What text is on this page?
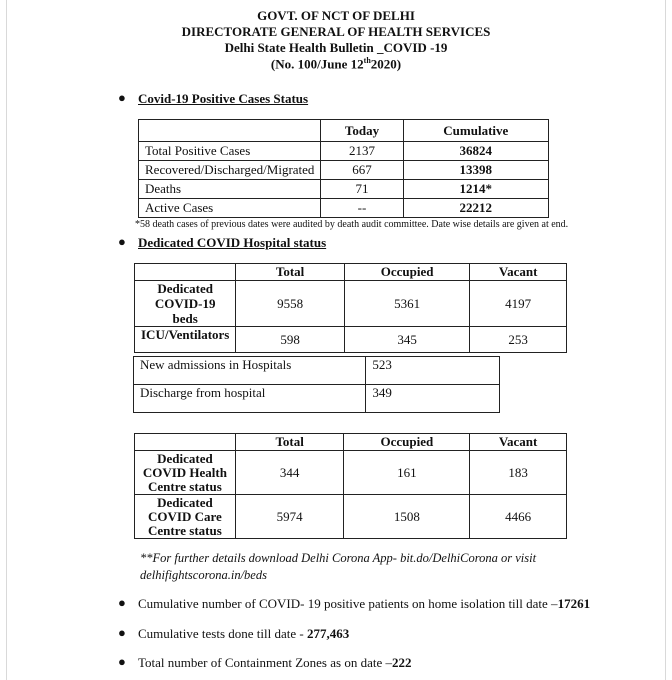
GOVT. OF NCT OF DELHI
DIRECTORATE GENERAL OF HEALTH SERVICES
Delhi State Health Bulletin _COVID -19
(No. 100/June 12th2020)
● Covid-19 Positive Cases Status
	Today	Cumulative
Total Positive Cases	2137	36824
Recovered/Discharged/Migrated	667	13398
Deaths	71	1214*
Active Cases	--	22212
*58 death cases of previous dates were audited by death audit committee. Date wise details are given at end.
● Dedicated COVID Hospital status
	Total	Occupied	Vacant
Dedicated COVID-19 beds	9558	5361	4197
ICU/Ventilators	598	345	253
New admissions in Hospitals	523
Discharge from hospital	349
	Total	Occupied	Vacant
Dedicated COVID Health Centre status	344	161	183
Dedicated COVID Care Centre status	5974	1508	4466
**For further details download Delhi Corona App- bit.do/DelhiCorona or visit
delhifightscorona.in/beds
● Cumulative number of COVID- 19 positive patients on home isolation till date –17261
● Cumulative tests done till date - 277,463
● Total number of Containment Zones as on date –222
